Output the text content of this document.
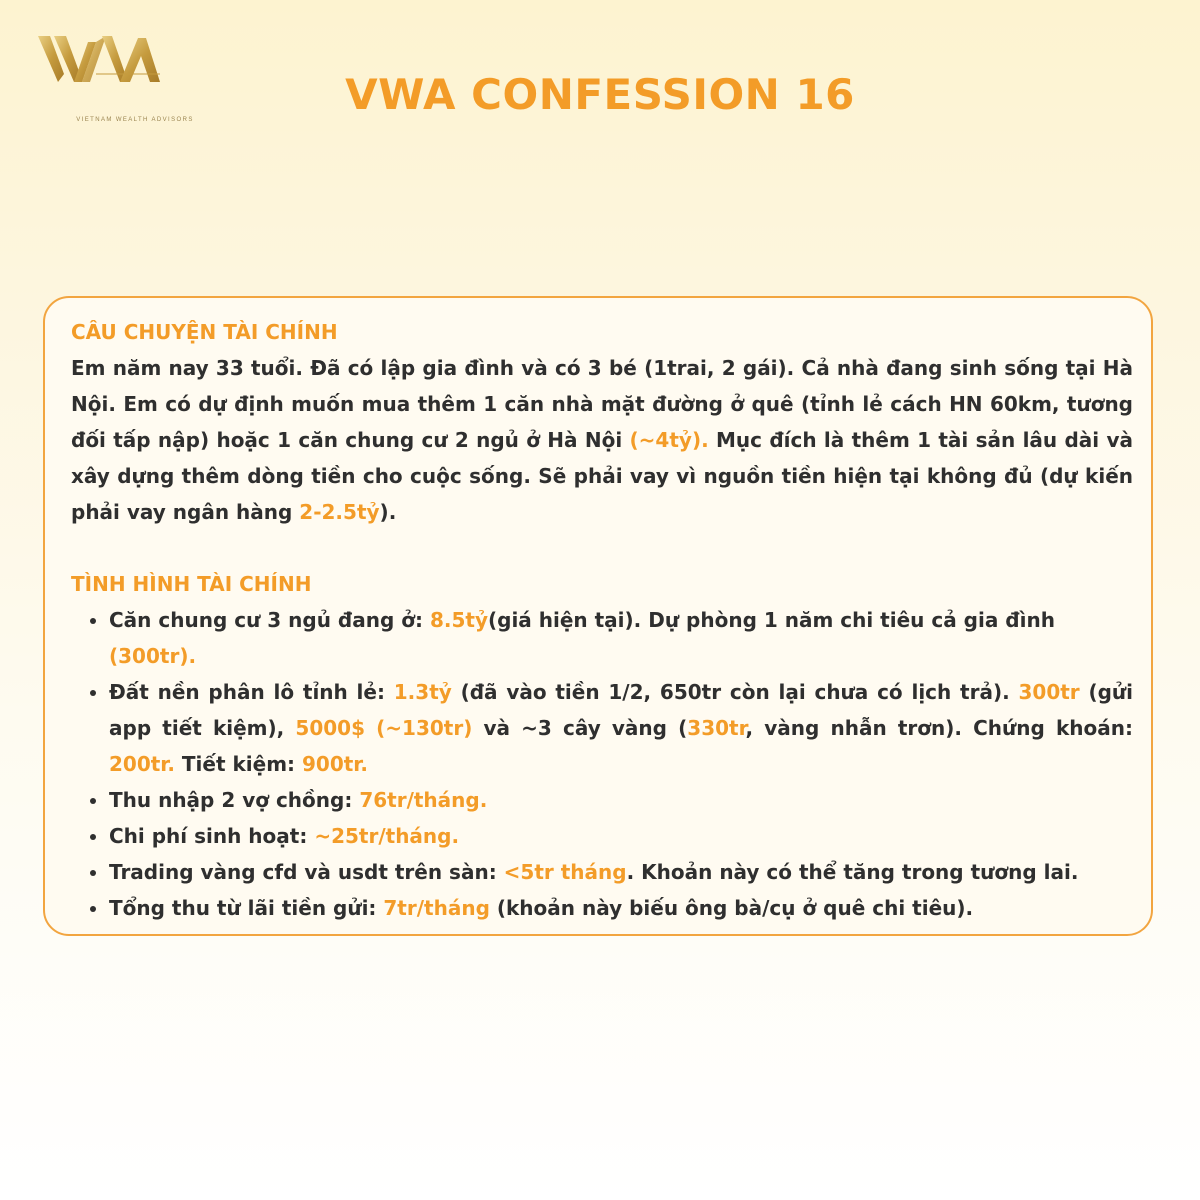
VIETNAM WEALTH ADVISORS
VWA CONFESSION 16
CÂU CHUYỆN TÀI CHÍNH
Em năm nay 33 tuổi. Đã có lập gia đình và có 3 bé (1trai, 2 gái). Cả nhà đang sinh sống tại Hà Nội. Em có dự định muốn mua thêm 1 căn nhà mặt đường ở quê (tỉnh lẻ cách HN 60km, tương đối tấp nập) hoặc 1 căn chung cư 2 ngủ ở Hà Nội (~4tỷ). Mục đích là thêm 1 tài sản lâu dài và xây dựng thêm dòng tiền cho cuộc sống. Sẽ phải vay vì nguồn tiền hiện tại không đủ (dự kiến phải vay ngân hàng 2-2.5tỷ).
TÌNH HÌNH TÀI CHÍNH
• Căn chung cư 3 ngủ đang ở: 8.5tỷ(giá hiện tại). Dự phòng 1 năm chi tiêu cả gia đình (300tr).
• Đất nền phân lô tỉnh lẻ: 1.3tỷ (đã vào tiền 1/2, 650tr còn lại chưa có lịch trả). 300tr (gửi app tiết kiệm), 5000$ (~130tr) và ~3 cây vàng (330tr, vàng nhẫn trơn). Chứng khoán: 200tr. Tiết kiệm: 900tr.
• Thu nhập 2 vợ chồng: 76tr/tháng.
• Chi phí sinh hoạt: ~25tr/tháng.
• Trading vàng cfd và usdt trên sàn: <5tr tháng. Khoản này có thể tăng trong tương lai.
• Tổng thu từ lãi tiền gửi: 7tr/tháng (khoản này biếu ông bà/cụ ở quê chi tiêu).
